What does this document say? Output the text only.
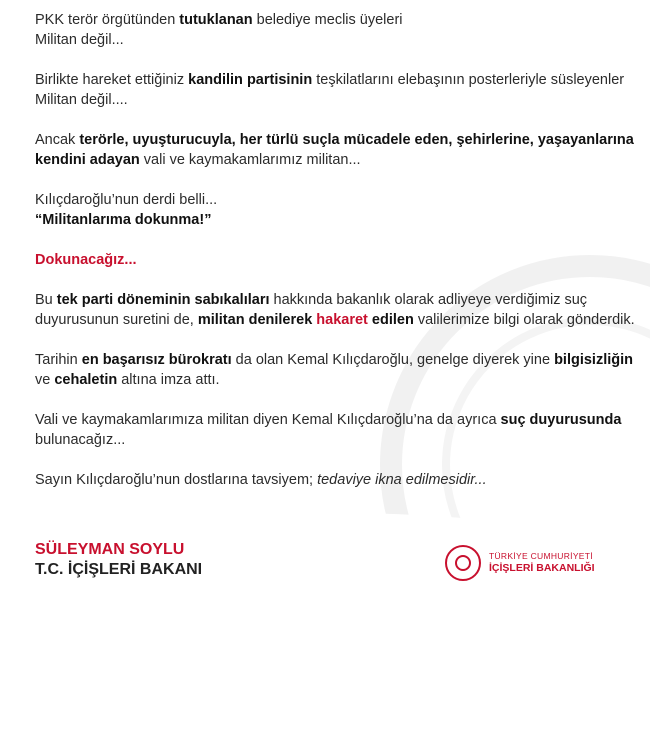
PKK terör örgütünden tutuklanan belediye meclis üyeleri
Militan değil...

Birlikte hareket ettiğiniz kandilin partisinin teşkilatlarını elebaşının posterleriyle süsleyenler
Militan değil....

Ancak terörle, uyuşturucuyla, her türlü suçla mücadele eden, şehirlerine, yaşayanlarına kendini adayan vali ve kaymakamlarımız militan...

Kılıçdaroğlu’nun derdi belli...
“Militanlarıma dokunma!”

Dokunacağız...

Bu tek parti döneminin sabıkalıları hakkında bakanlık olarak adliyeye verdiğimiz suç duyurusunun suretini de, militan denilerek hakaret edilen valilerimize bilgi olarak gönderdik.

Tarihin en başarısız bürokratı da olan Kemal Kılıçdaroğlu, genelge diyerek yine bilgisizliğin ve cehaletin altına imza attı.

Vali ve kaymakamlarımıza militan diyen Kemal Kılıçdaroğlu’na da ayrıca suç duyurusunda bulunacağız...

Sayın Kılıçdaroğlu’nun dostlarına tavsiyem; tedaviye ikna edilmesidir...

SÜLEYMAN SOYLU
T.C. İÇİŞLERİ BAKANI
TÜRKİYE CUMHURİYETİ
İÇİŞLERİ BAKANLIĞI
